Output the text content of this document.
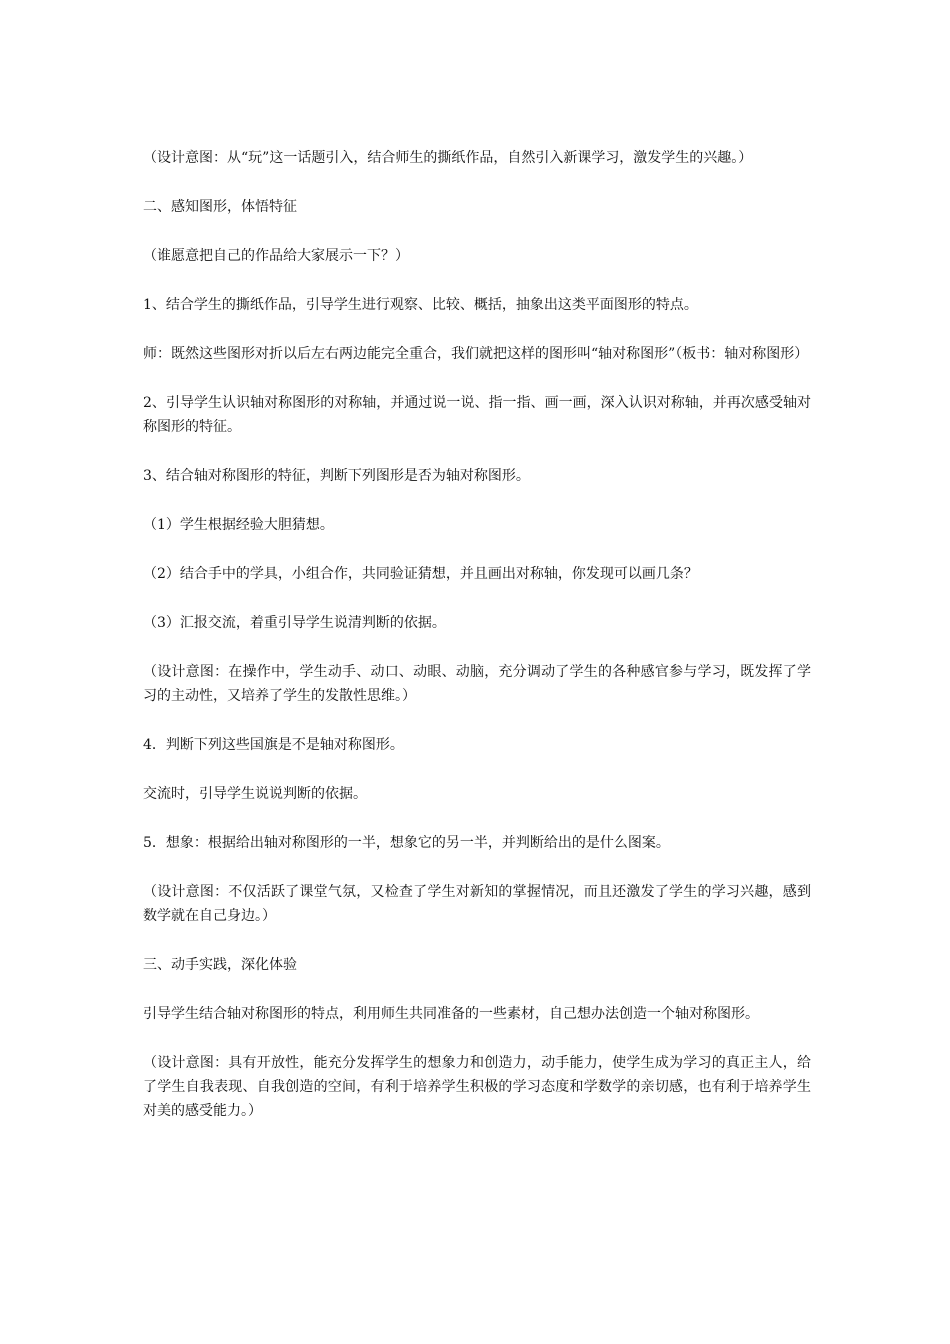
（设计意图：从“玩”这一话题引入，结合师生的撕纸作品，自然引入新课学习，激发学生的兴趣。）

二、感知图形，体悟特征

（谁愿意把自己的作品给大家展示一下？）

1、结合学生的撕纸作品，引导学生进行观察、比较、概括，抽象出这类平面图形的特点。

师：既然这些图形对折以后左右两边能完全重合，我们就把这样的图形叫“轴对称图形”（板书：轴对称图形）

2、引导学生认识轴对称图形的对称轴，并通过说一说、指一指、画一画，深入认识对称轴，并再次感受轴对称图形的特征。

3、结合轴对称图形的特征，判断下列图形是否为轴对称图形。

（1）学生根据经验大胆猜想。

（2）结合手中的学具，小组合作，共同验证猜想，并且画出对称轴，你发现可以画几条？

（3）汇报交流，着重引导学生说清判断的依据。

（设计意图：在操作中，学生动手、动口、动眼、动脑，充分调动了学生的各种感官参与学习，既发挥了学习的主动性，又培养了学生的发散性思维。）

4．判断下列这些国旗是不是轴对称图形。

交流时，引导学生说说判断的依据。

5．想象：根据给出轴对称图形的一半，想象它的另一半，并判断给出的是什么图案。

（设计意图：不仅活跃了课堂气氛，又检查了学生对新知的掌握情况，而且还激发了学生的学习兴趣，感到数学就在自己身边。）

三、动手实践，深化体验

引导学生结合轴对称图形的特点，利用师生共同准备的一些素材，自己想办法创造一个轴对称图形。

（设计意图：具有开放性，能充分发挥学生的想象力和创造力，动手能力，使学生成为学习的真正主人，给了学生自我表现、自我创造的空间，有利于培养学生积极的学习态度和学数学的亲切感，也有利于培养学生对美的感受能力。）
